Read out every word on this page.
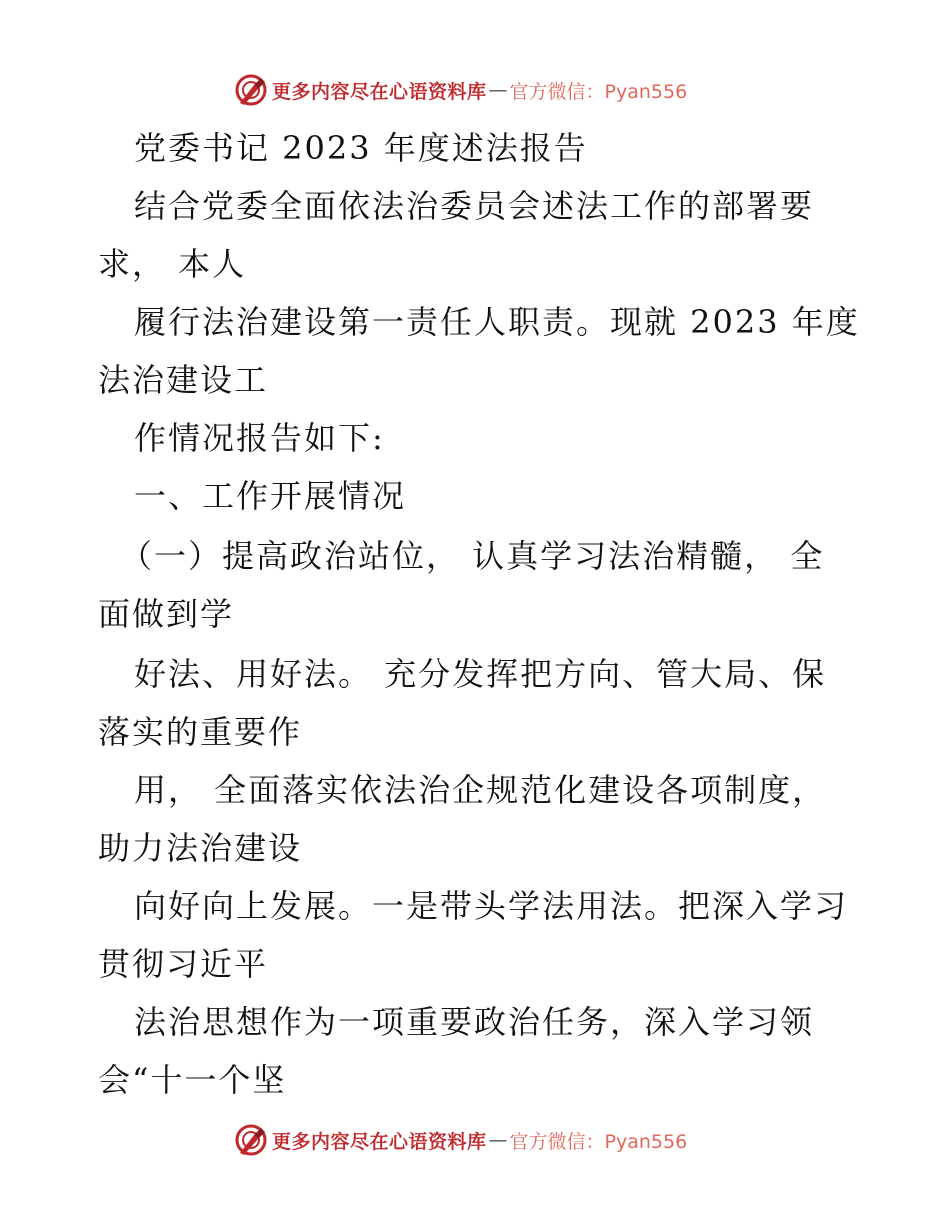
更多内容尽在心语资料库 — 官方微信：Pyan556
党委书记 2023 年度述法报告
结合党委全面依法治委员会述法工作的部署要
求， 本人
履行法治建设第一责任人职责。现就 2023 年度
法治建设工
作情况报告如下:
一、工作开展情况
（一）提高政治站位， 认真学习法治精髓， 全
面做到学
好法、用好法。 充分发挥把方向、管大局、保
落实的重要作
用， 全面落实依法治企规范化建设各项制度，
助力法治建设
向好向上发展。一是带头学法用法。把深入学习
贯彻习近平
法治思想作为一项重要政治任务，深入学习领
会“十一个坚
更多内容尽在心语资料库 — 官方微信：Pyan556
